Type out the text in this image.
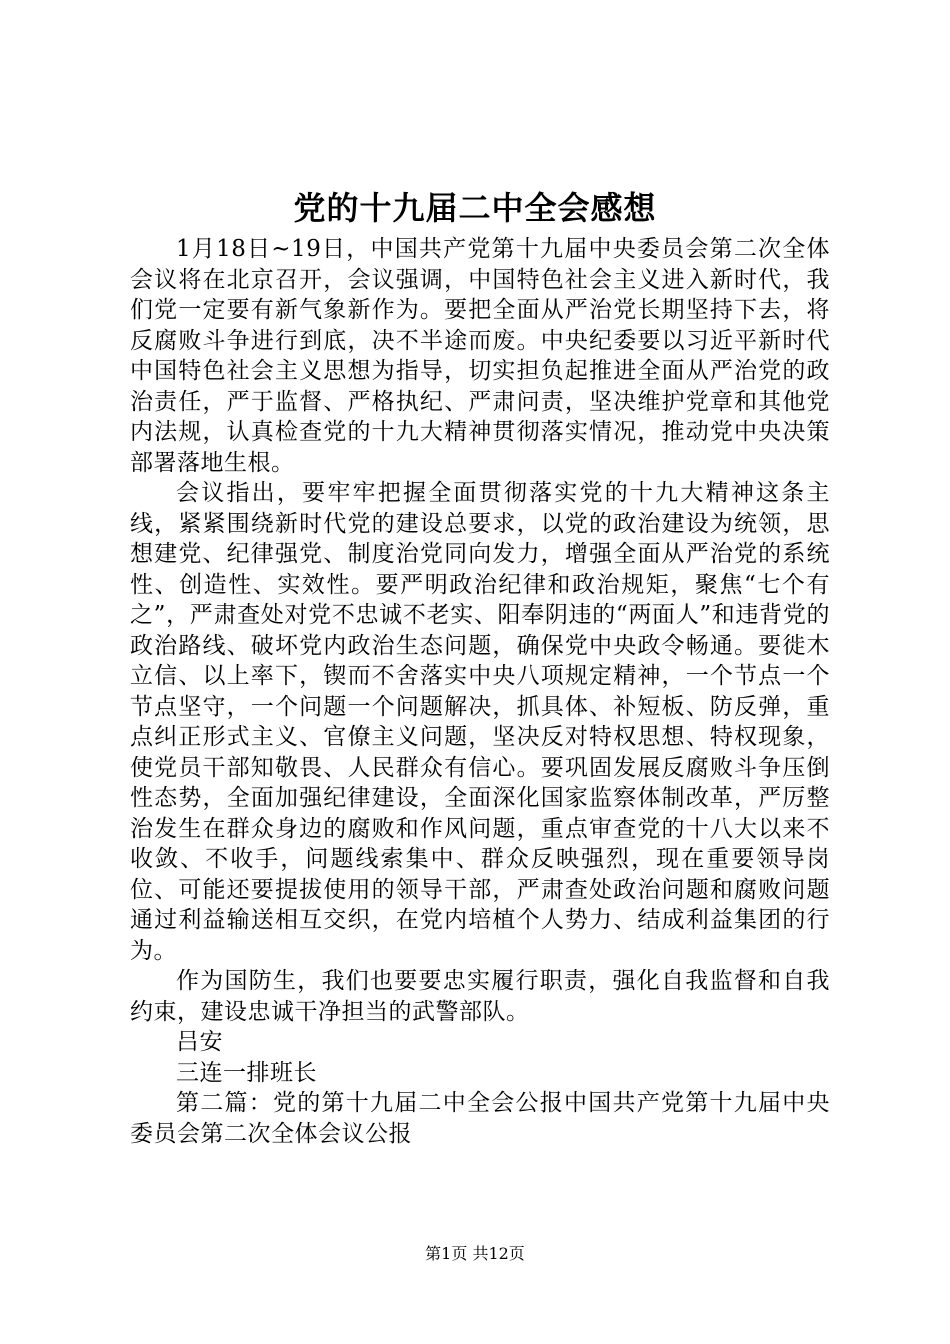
党的十九届二中全会感想

1月18日~19日，中国共产党第十九届中央委员会第二次全体会议将在北京召开，会议强调，中国特色社会主义进入新时代，我们党一定要有新气象新作为。要把全面从严治党长期坚持下去，将反腐败斗争进行到底，决不半途而废。中央纪委要以习近平新时代中国特色社会主义思想为指导，切实担负起推进全面从严治党的政治责任，严于监督、严格执纪、严肃问责，坚决维护党章和其他党内法规，认真检查党的十九大精神贯彻落实情况，推动党中央决策部署落地生根。

会议指出，要牢牢把握全面贯彻落实党的十九大精神这条主线，紧紧围绕新时代党的建设总要求，以党的政治建设为统领，思想建党、纪律强党、制度治党同向发力，增强全面从严治党的系统性、创造性、实效性。要严明政治纪律和政治规矩，聚焦“七个有之”，严肃查处对党不忠诚不老实、阳奉阴违的“两面人”和违背党的政治路线、破坏党内政治生态问题，确保党中央政令畅通。要徙木立信、以上率下，锲而不舍落实中央八项规定精神，一个节点一个节点坚守，一个问题一个问题解决，抓具体、补短板、防反弹，重点纠正形式主义、官僚主义问题，坚决反对特权思想、特权现象，使党员干部知敬畏、人民群众有信心。要巩固发展反腐败斗争压倒性态势，全面加强纪律建设，全面深化国家监察体制改革，严厉整治发生在群众身边的腐败和作风问题，重点审查党的十八大以来不收敛、不收手，问题线索集中、群众反映强烈，现在重要领导岗位、可能还要提拔使用的领导干部，严肃查处政治问题和腐败问题通过利益输送相互交织，在党内培植个人势力、结成利益集团的行为。

作为国防生，我们也要要忠实履行职责，强化自我监督和自我约束，建设忠诚干净担当的武警部队。

吕安

三连一排班长

第二篇：党的第十九届二中全会公报中国共产党第十九届中央委员会第二次全体会议公报

第1页 共12页
